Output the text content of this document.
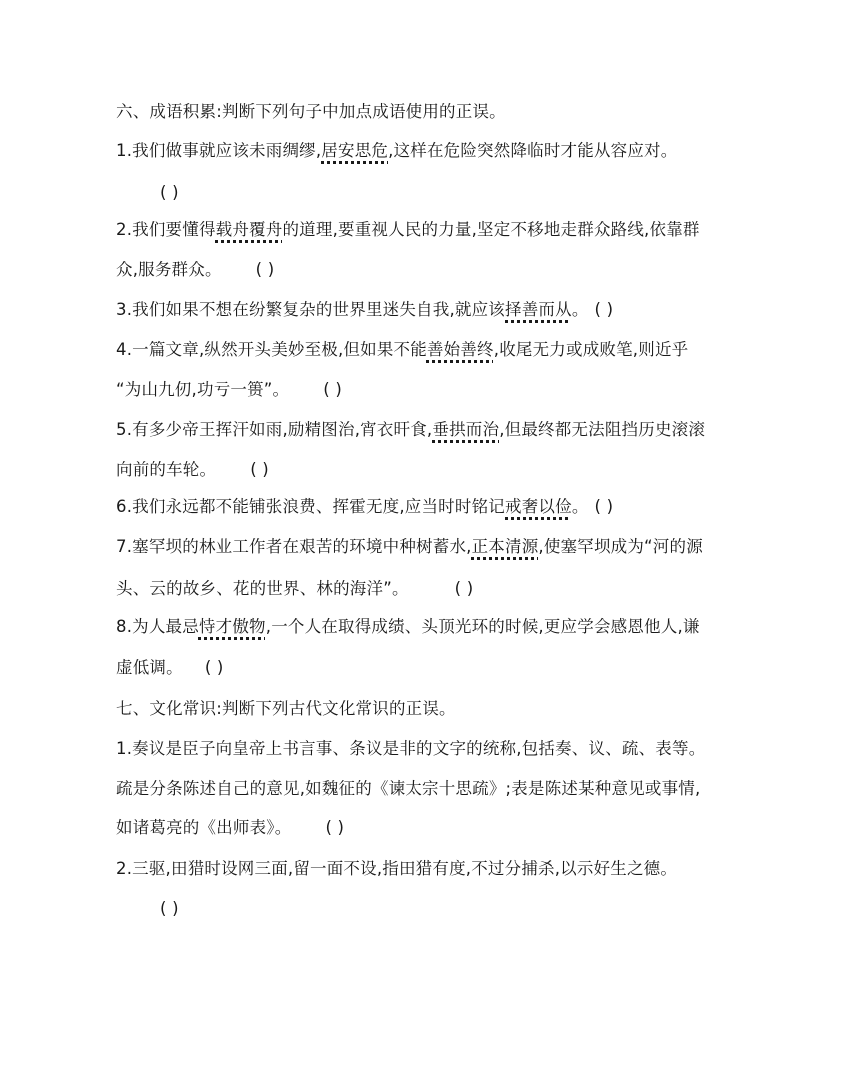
六、成语积累:判断下列句子中加点成语使用的正误。
1.我们做事就应该未雨绸缪,居安思危,这样在危险突然降临时才能从容应对。
( )
2.我们要懂得载舟覆舟的道理,要重视人民的力量,坚定不移地走群众路线,依靠群
众,服务群众。 ( )
3.我们如果不想在纷繁复杂的世界里迷失自我,就应该择善而从。 ( )
4.一篇文章,纵然开头美妙至极,但如果不能善始善终,收尾无力或成败笔,则近乎
“为山九仞,功亏一篑”。 ( )
5.有多少帝王挥汗如雨,励精图治,宵衣旰食,垂拱而治,但最终都无法阻挡历史滚滚
向前的车轮。 ( )
6.我们永远都不能铺张浪费、挥霍无度,应当时时铭记戒奢以俭。 ( )
7.塞罕坝的林业工作者在艰苦的环境中种树蓄水,正本清源,使塞罕坝成为“河的源
头、云的故乡、花的世界、林的海洋”。	( )
8.为人最忌恃才傲物,一个人在取得成绩、头顶光环的时候,更应学会感恩他人,谦
虚低调。 ( )
七、文化常识:判断下列古代文化常识的正误。
1.奏议是臣子向皇帝上书言事、条议是非的文字的统称,包括奏、议、疏、表等。
疏是分条陈述自己的意见,如魏征的《谏太宗十思疏》;表是陈述某种意见或事情,
如诸葛亮的《出师表》。 ( )
2.三驱,田猎时设网三面,留一面不设,指田猎有度,不过分捕杀,以示好生之德。
( )
